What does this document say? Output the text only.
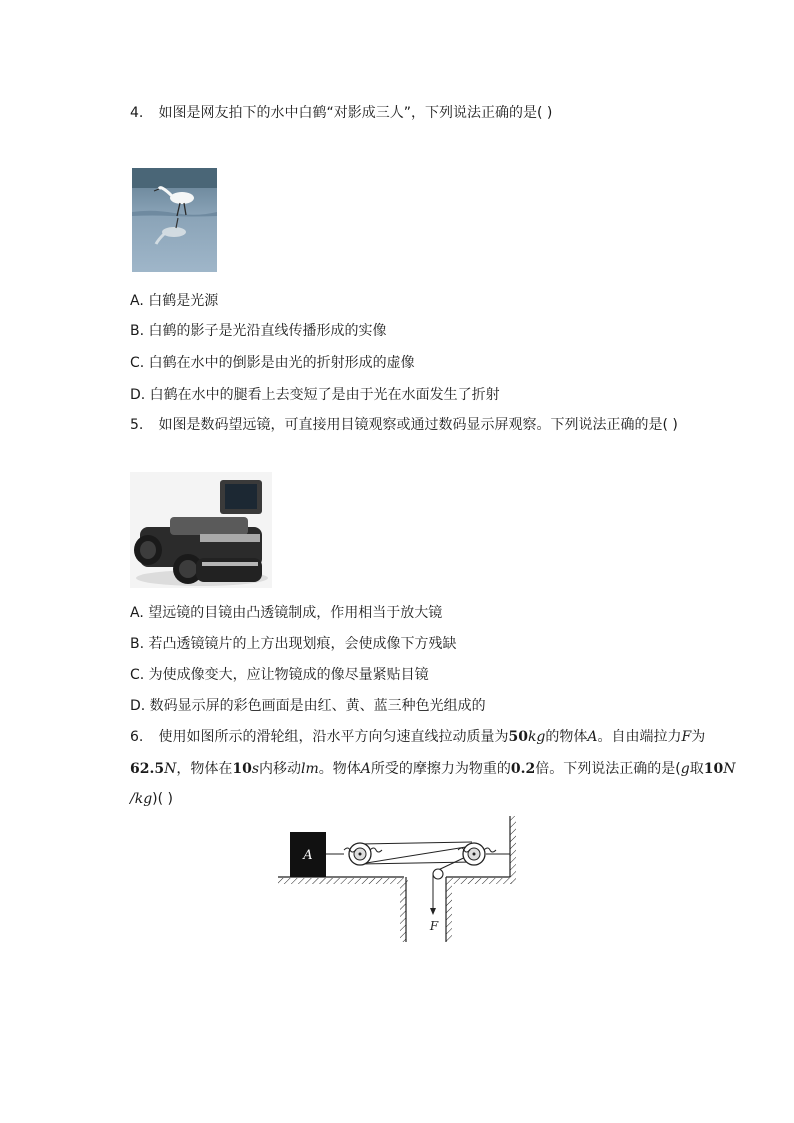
4. 如图是网友拍下的水中白鹤“对影成三人”，下列说法正确的是( )
A. 白鹤是光源
B. 白鹤的影子是光沿直线传播形成的实像
C. 白鹤在水中的倒影是由光的折射形成的虚像
D. 白鹤在水中的腿看上去变短了是由于光在水面发生了折射
5. 如图是数码望远镜，可直接用目镜观察或通过数码显示屏观察。下列说法正确的是( )
A. 望远镜的目镜由凸透镜制成，作用相当于放大镜
B. 若凸透镜镜片的上方出现划痕，会使成像下方残缺
C. 为使成像变大，应让物镜成的像尽量紧贴目镜
D. 数码显示屏的彩色画面是由红、黄、蓝三种色光组成的
6. 使用如图所示的滑轮组，沿水平方向匀速直线拉动质量为50kg的物体A。自由端拉力F为
62.5N，物体在10s内移动lm。物体A所受的摩擦力为物重的0.2倍。下列说法正确的是(g取10N
/kg)( )
A
F
